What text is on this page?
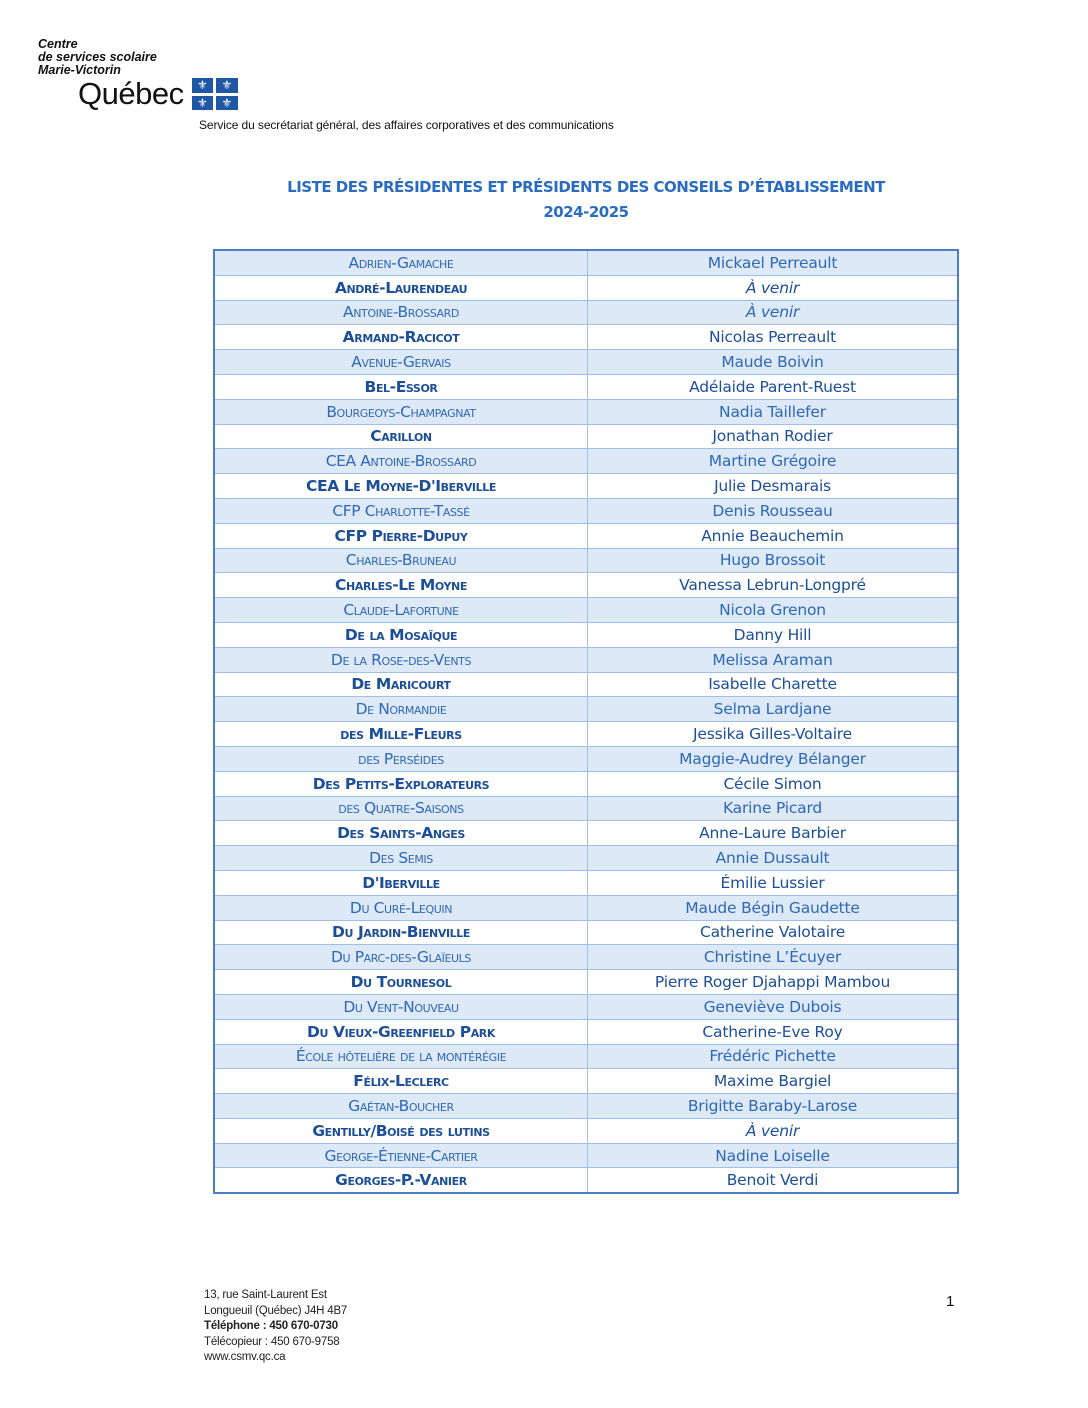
Centre
de services scolaire
Marie-Victorin
Québec	⚜	⚜
⚜	⚜
Service du secrétariat général, des affaires corporatives et des communications
LISTE DES PRÉSIDENTES ET PRÉSIDENTS DES CONSEILS D’ÉTABLISSEMENT
2024-2025
Adrien-Gamache	Mickael Perreault
André-Laurendeau	À venir
Antoine-Brossard	À venir
Armand-Racicot	Nicolas Perreault
Avenue-Gervais	Maude Boivin
Bel-Essor	Adélaide Parent-Ruest
Bourgeoys-Champagnat	Nadia Taillefer
Carillon	Jonathan Rodier
CEA Antoine-Brossard	Martine Grégoire
CEA Le Moyne-D'Iberville	Julie Desmarais
CFP Charlotte-Tassé	Denis Rousseau
CFP Pierre-Dupuy	Annie Beauchemin
Charles-Bruneau	Hugo Brossoit
Charles-Le Moyne	Vanessa Lebrun-Longpré
Claude-Lafortune	Nicola Grenon
De la Mosaïque	Danny Hill
De la Rose-des-Vents	Melissa Araman
De Maricourt	Isabelle Charette
De Normandie	Selma Lardjane
des Mille-Fleurs	Jessika Gilles-Voltaire
des Perséides	Maggie-Audrey Bélanger
Des Petits-Explorateurs	Cécile Simon
des Quatre-Saisons	Karine Picard
Des Saints-Anges	Anne-Laure Barbier
Des Semis	Annie Dussault
D'Iberville	Émilie Lussier
Du Curé-Lequin	Maude Bégin Gaudette
Du Jardin-Bienville	Catherine Valotaire
Du Parc-des-Glaïeuls	Christine L’Écuyer
Du Tournesol	Pierre Roger Djahappi Mambou
Du Vent-Nouveau	Geneviève Dubois
Du Vieux-Greenfield Park	Catherine-Eve Roy
École hôtelière de la montérégie	Frédéric Pichette
Félix-Leclerc	Maxime Bargiel
Gaétan-Boucher	Brigitte Baraby-Larose
Gentilly/Boisé des lutins	À venir
George-Étienne-Cartier	Nadine Loiselle
Georges-P.-Vanier	Benoit Verdi
13, rue Saint-Laurent Est
Longueuil (Québec) J4H 4B7
Téléphone : 450 670-0730
Télécopieur : 450 670-9758
www.csmv.qc.ca
1
